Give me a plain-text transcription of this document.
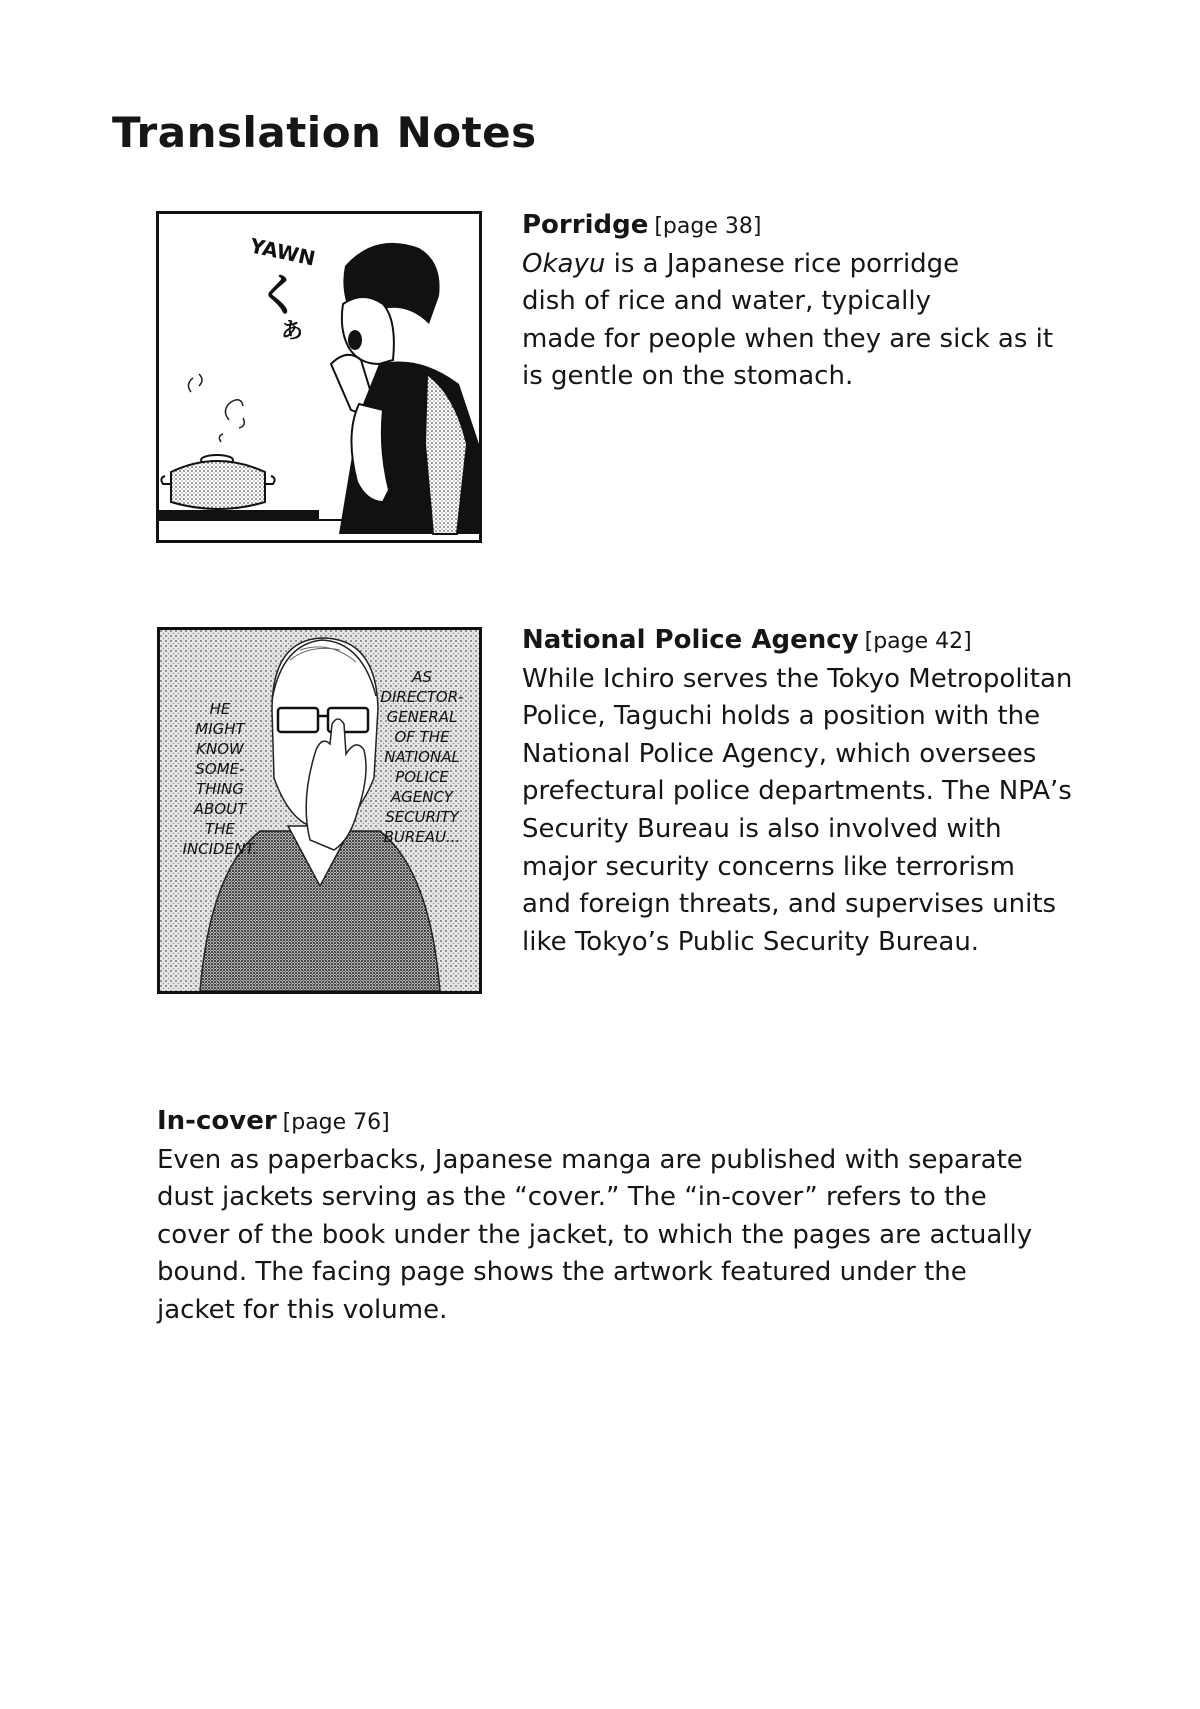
Translation Notes
YAWN
く
あ
HE
MIGHT
KNOW
SOME-
THING
ABOUT
THE
INCIDENT.
AS
DIRECTOR-
GENERAL
OF THE
NATIONAL
POLICE
AGENCY
SECURITY
BUREAU...
Porridge [page 38]
Okayu is a Japanese rice porridge
dish of rice and water, typically
made for people when they are sick as it
is gentle on the stomach.
National Police Agency [page 42]
While Ichiro serves the Tokyo Metropolitan
Police, Taguchi holds a position with the
National Police Agency, which oversees
prefectural police departments. The NPA’s
Security Bureau is also involved with
major security concerns like terrorism
and foreign threats, and supervises units
like Tokyo’s Public Security Bureau.
In-cover [page 76]
Even as paperbacks, Japanese manga are published with separate
dust jackets serving as the “cover.” The “in-cover” refers to the
cover of the book under the jacket, to which the pages are actually
bound. The facing page shows the artwork featured under the
jacket for this volume.
